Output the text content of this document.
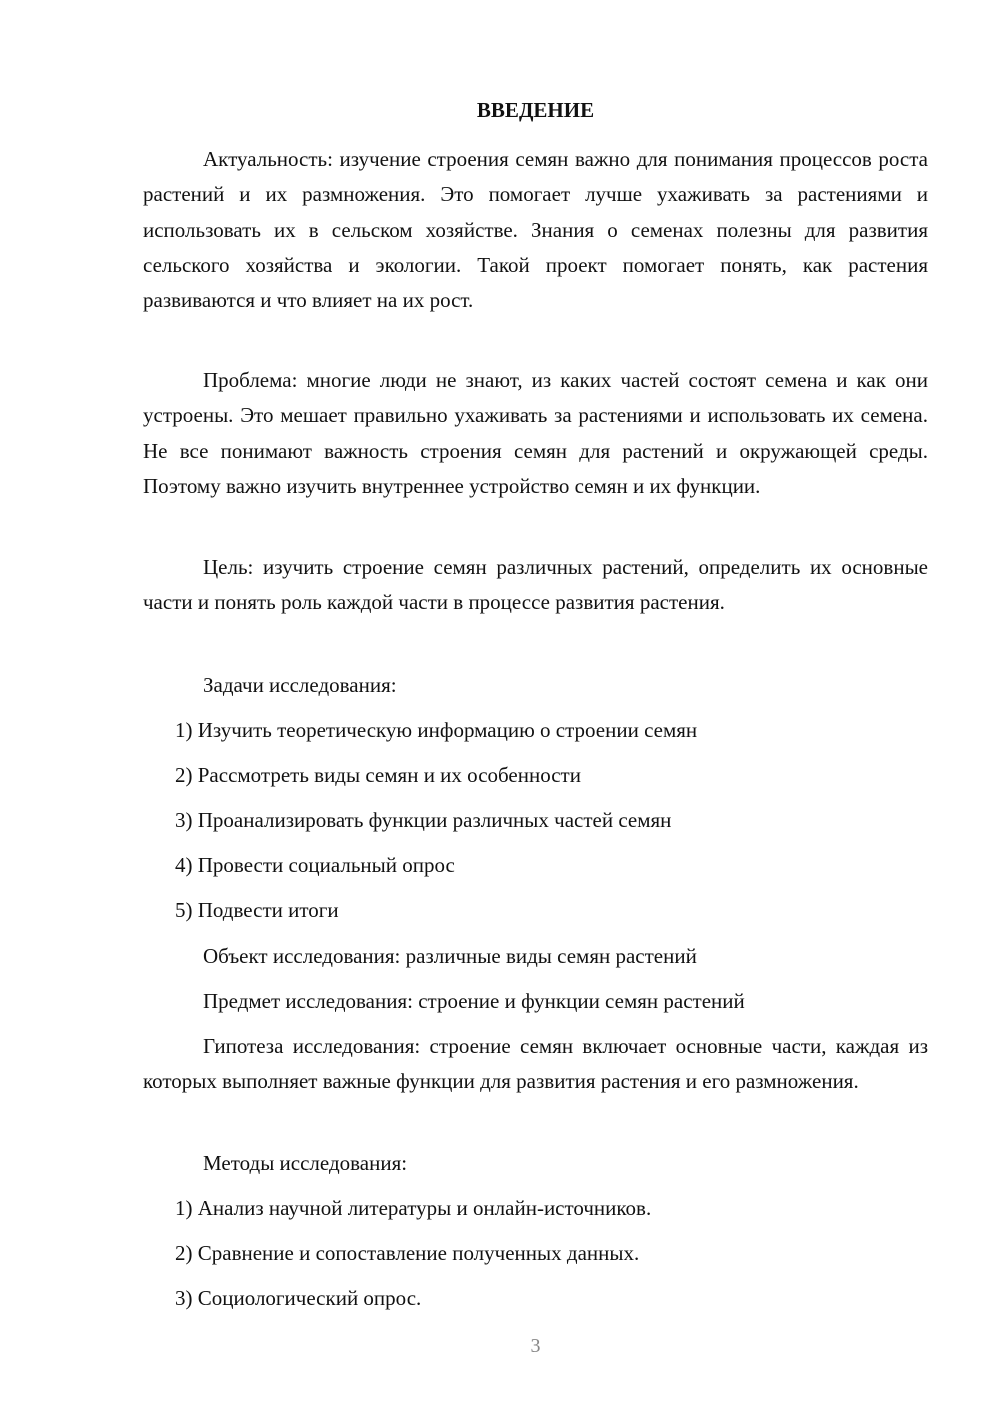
ВВЕДЕНИЕ

Актуальность: изучение строения семян важно для понимания процессов роста растений и их размножения. Это помогает лучше ухаживать за растениями и использовать их в сельском хозяйстве. Знания о семенах полезны для развития сельского хозяйства и экологии. Такой проект помогает понять, как растения развиваются и что влияет на их рост.

Проблема: многие люди не знают, из каких частей состоят семена и как они устроены. Это мешает правильно ухаживать за растениями и использовать их семена. Не все понимают важность строения семян для растений и окружающей среды. Поэтому важно изучить внутреннее устройство семян и их функции.

Цель: изучить строение семян различных растений, определить их основные части и понять роль каждой части в процессе развития растения.

Задачи исследования:

1) Изучить теоретическую информацию о строении семян

2) Рассмотреть виды семян и их особенности

3) Проанализировать функции различных частей семян

4) Провести социальный опрос

5) Подвести итоги

Объект исследования: различные виды семян растений

Предмет исследования: строение и функции семян растений

Гипотеза исследования: строение семян включает основные части, каждая из которых выполняет важные функции для развития растения и его размножения.

Методы исследования:

1) Анализ научной литературы и онлайн-источников.

2) Сравнение и сопоставление полученных данных.

3) Социологический опрос.

3
